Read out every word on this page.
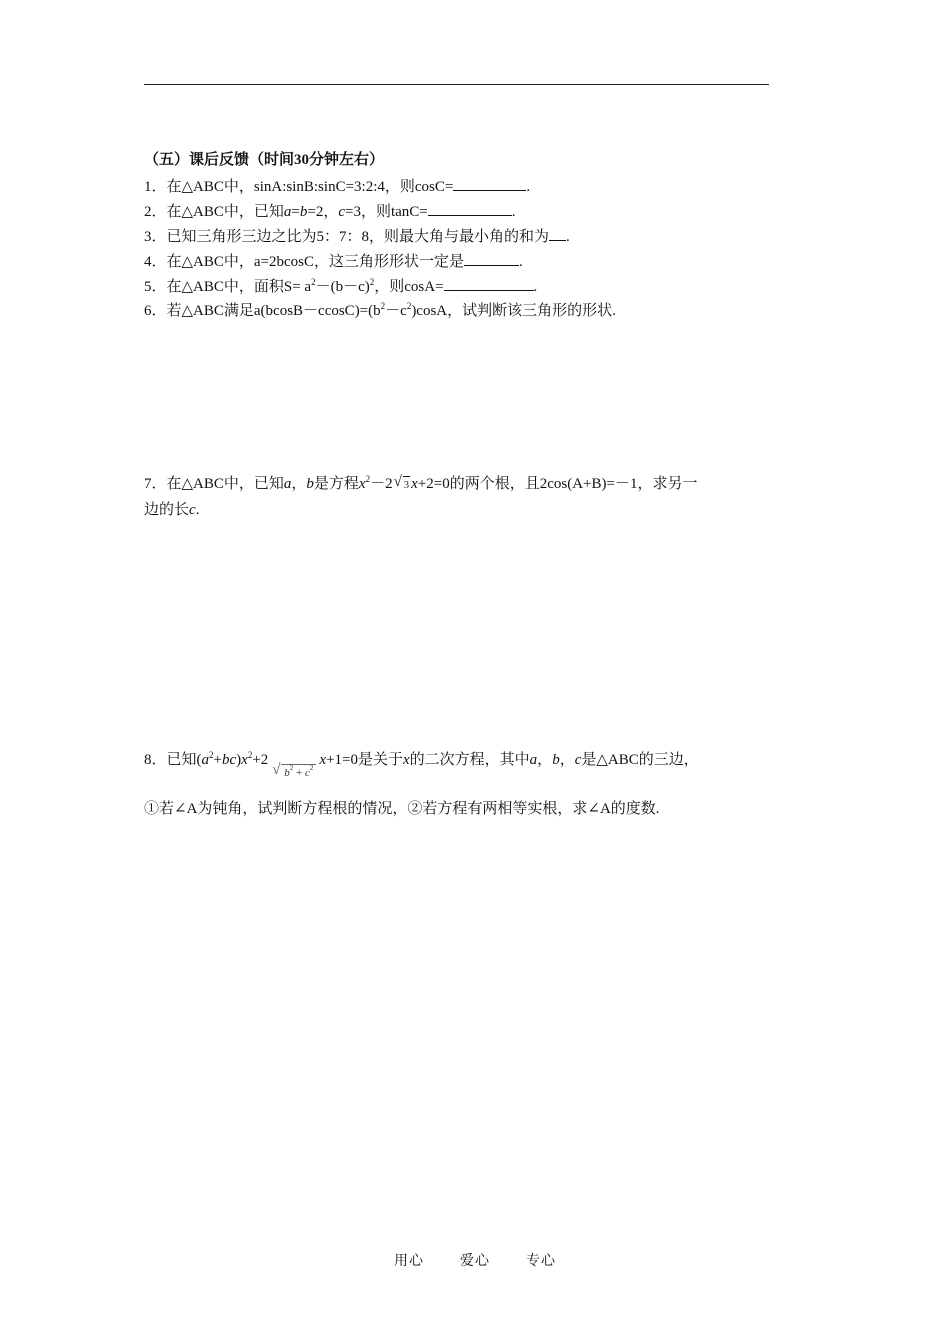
（五）课后反馈（时间30分钟左右）
1．在△ABC中，sinA:sinB:sinC=3:2:4，则cosC=	.
2．在△ABC中，已知a=b=2，c=3，则tanC=	.
3．已知三角形三边之比为5：7：8，则最大角与最小角的和为 .
4．在△ABC中，a=2bcosC，这三角形形状一定是	.
5．在△ABC中，面积$S= a^2-(b-c)^2$，则cosA=	.
6．若△ABC满足$a(bcosB-ccosC)=(b^2-c^2)\cos A$，试判断该三角形的形状.
7．在△ABC中，已知a，b是方程$x^2-2$ √ 3 x+2=0的两个根，且2cos(A+B)=－1，求另一
边的长c.
8．已知$(a^2+bc)x^2+2$
√ $b^2 + c^2$ x+1=0是关于x的二次方程，其中a，b，c是△ABC的三边，
①若∠A为钝角，试判断方程根的情况，②若方程有两相等实根，求∠A的度数.
用心	爱心	专心
